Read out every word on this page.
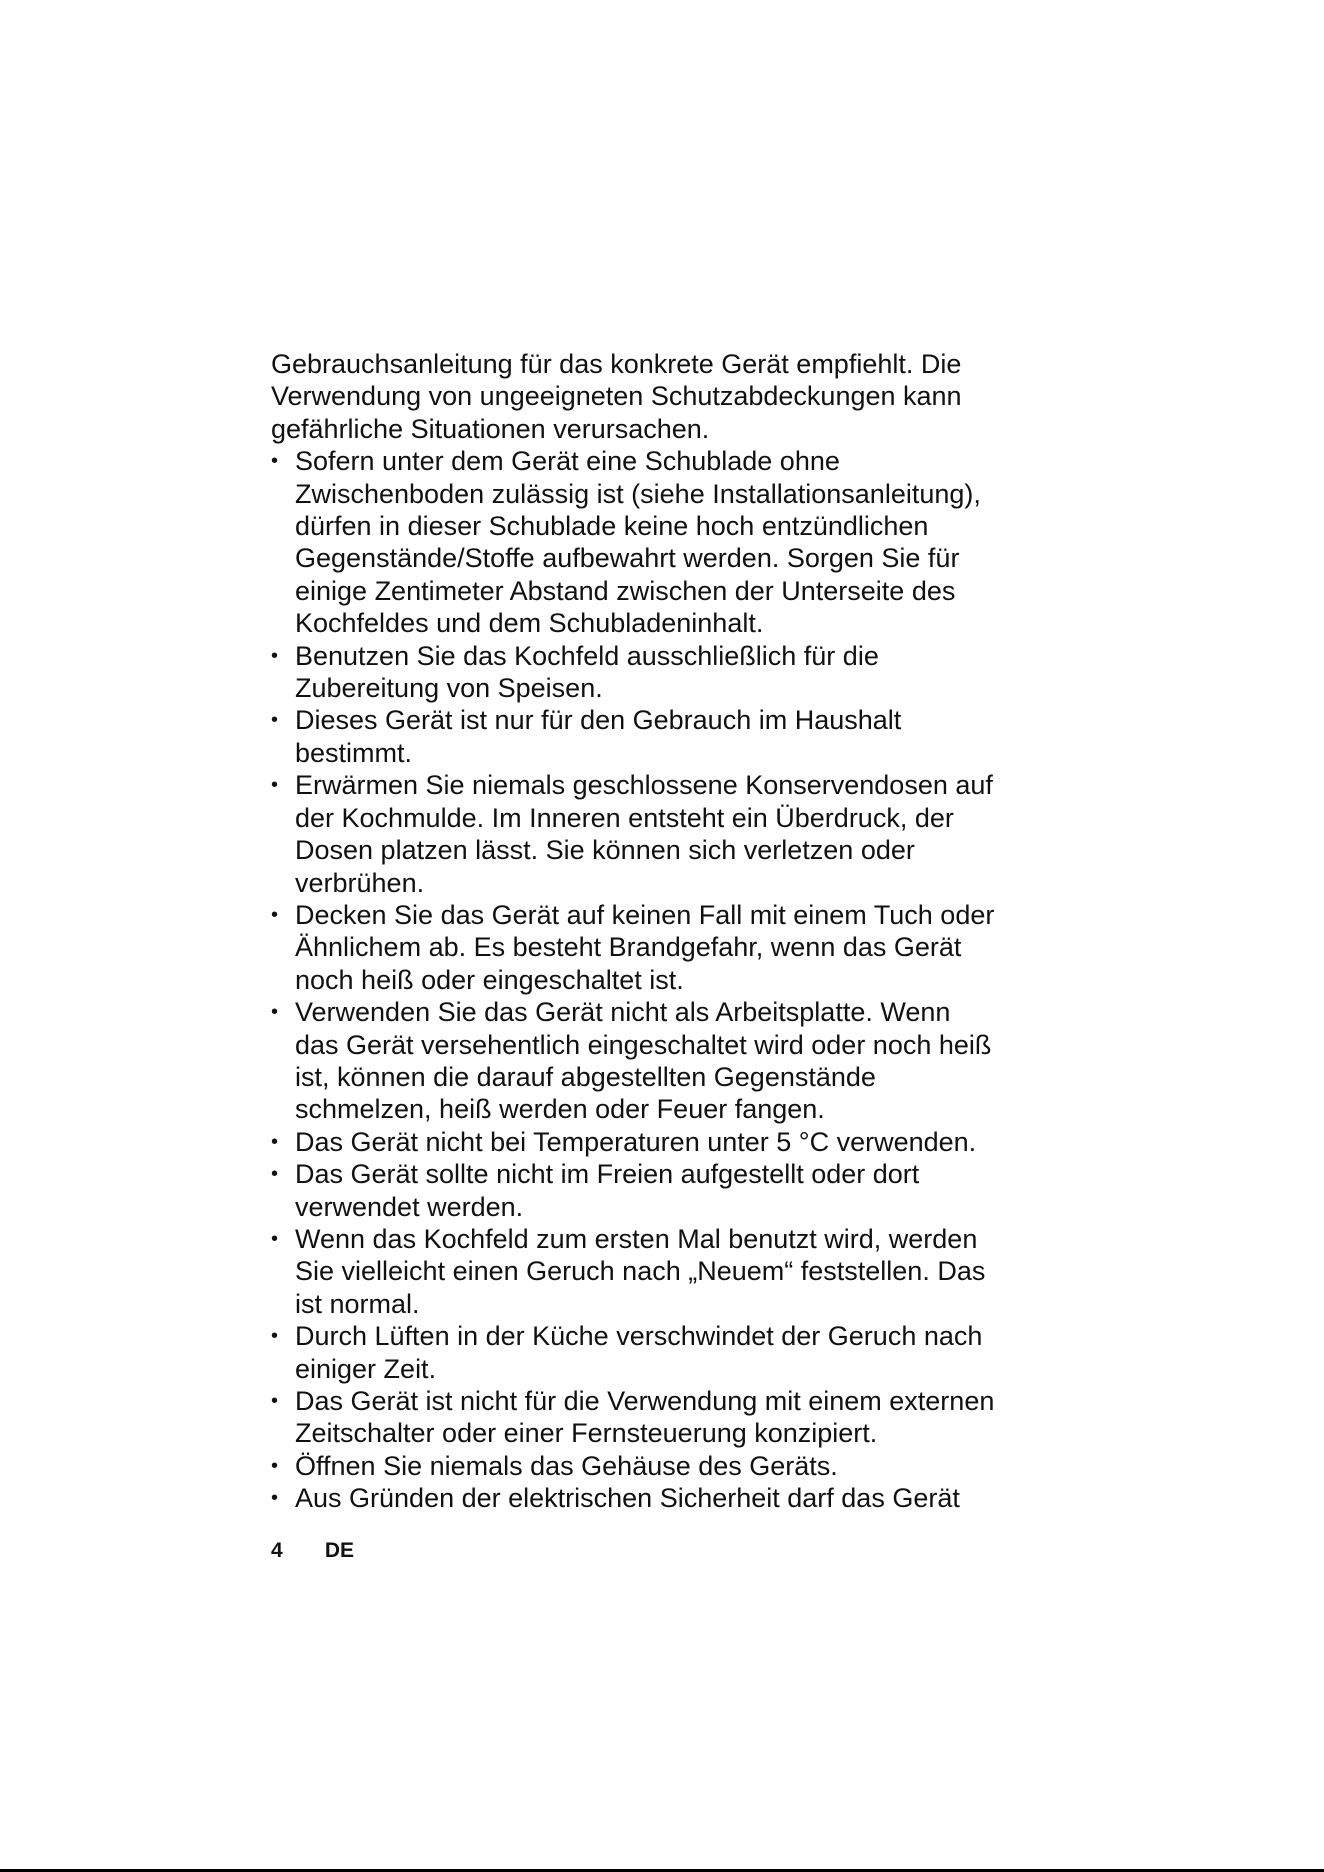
Gebrauchsanleitung für das konkrete Gerät empfiehlt. Die
Verwendung von ungeeigneten Schutzabdeckungen kann
gefährliche Situationen verursachen.

• Sofern unter dem Gerät eine Schublade ohne
Zwischenboden zulässig ist (siehe Installationsanleitung),
dürfen in dieser Schublade keine hoch entzündlichen
Gegenstände/Stoffe aufbewahrt werden. Sorgen Sie für
einige Zentimeter Abstand zwischen der Unterseite des
Kochfeldes und dem Schubladeninhalt.
• Benutzen Sie das Kochfeld ausschließlich für die
Zubereitung von Speisen.
• Dieses Gerät ist nur für den Gebrauch im Haushalt
bestimmt.
• Erwärmen Sie niemals geschlossene Konservendosen auf
der Kochmulde. Im Inneren entsteht ein Überdruck, der
Dosen platzen lässt. Sie können sich verletzen oder
verbrühen.
• Decken Sie das Gerät auf keinen Fall mit einem Tuch oder
Ähnlichem ab. Es besteht Brandgefahr, wenn das Gerät
noch heiß oder eingeschaltet ist.
• Verwenden Sie das Gerät nicht als Arbeitsplatte. Wenn
das Gerät versehentlich eingeschaltet wird oder noch heiß
ist, können die darauf abgestellten Gegenstände
schmelzen, heiß werden oder Feuer fangen.
• Das Gerät nicht bei Temperaturen unter 5 °C verwenden.
• Das Gerät sollte nicht im Freien aufgestellt oder dort
verwendet werden.
• Wenn das Kochfeld zum ersten Mal benutzt wird, werden
Sie vielleicht einen Geruch nach „Neuem“ feststellen. Das
ist normal.
• Durch Lüften in der Küche verschwindet der Geruch nach
einiger Zeit.
• Das Gerät ist nicht für die Verwendung mit einem externen
Zeitschalter oder einer Fernsteuerung konzipiert.
• Öffnen Sie niemals das Gehäuse des Geräts.
• Aus Gründen der elektrischen Sicherheit darf das Gerät
4 DE
